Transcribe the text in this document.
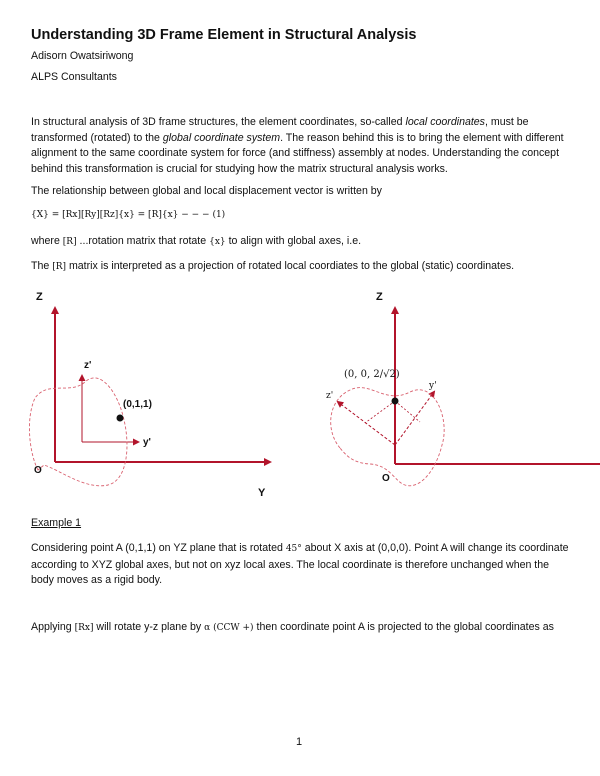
Understanding 3D Frame Element in Structural Analysis
Adisorn Owatsiriwong
ALPS Consultants
In structural analysis of 3D frame structures, the element coordinates, so-called local coordinates, must be transformed (rotated) to the global coordinate system. The reason behind this is to bring the element with different alignment to the same coordinate system for force (and stiffness) assembly at nodes. Understanding the concept behind this transformation is crucial for studying how the matrix structural analysis works.
The relationship between global and local displacement vector is written by
{X} = [Rx][Ry][Rz]{x} = [R]{x} − − − (1)
where [R] ...rotation matrix that rotate {x} to align with global axes, i.e.
The [R] matrix is interpreted as a projection of rotated local coordiates to the global (static) coordinates.
Z
z'
(0,1,1)
y'
O
Y
Z
(0, 0, 2/√2)
z'
y'
O
Example 1
Considering point A (0,1,1) on YZ plane that is rotated 45° about X axis at (0,0,0). Point A will change its coordinate according to XYZ global axes, but not on xyz local axes. The local coordinate is therefore unchanged when the body moves as a rigid body.
Applying [Rx] will rotate y-z plane by α (CCW +) then coordinate point A is projected to the global coordinates as
1
